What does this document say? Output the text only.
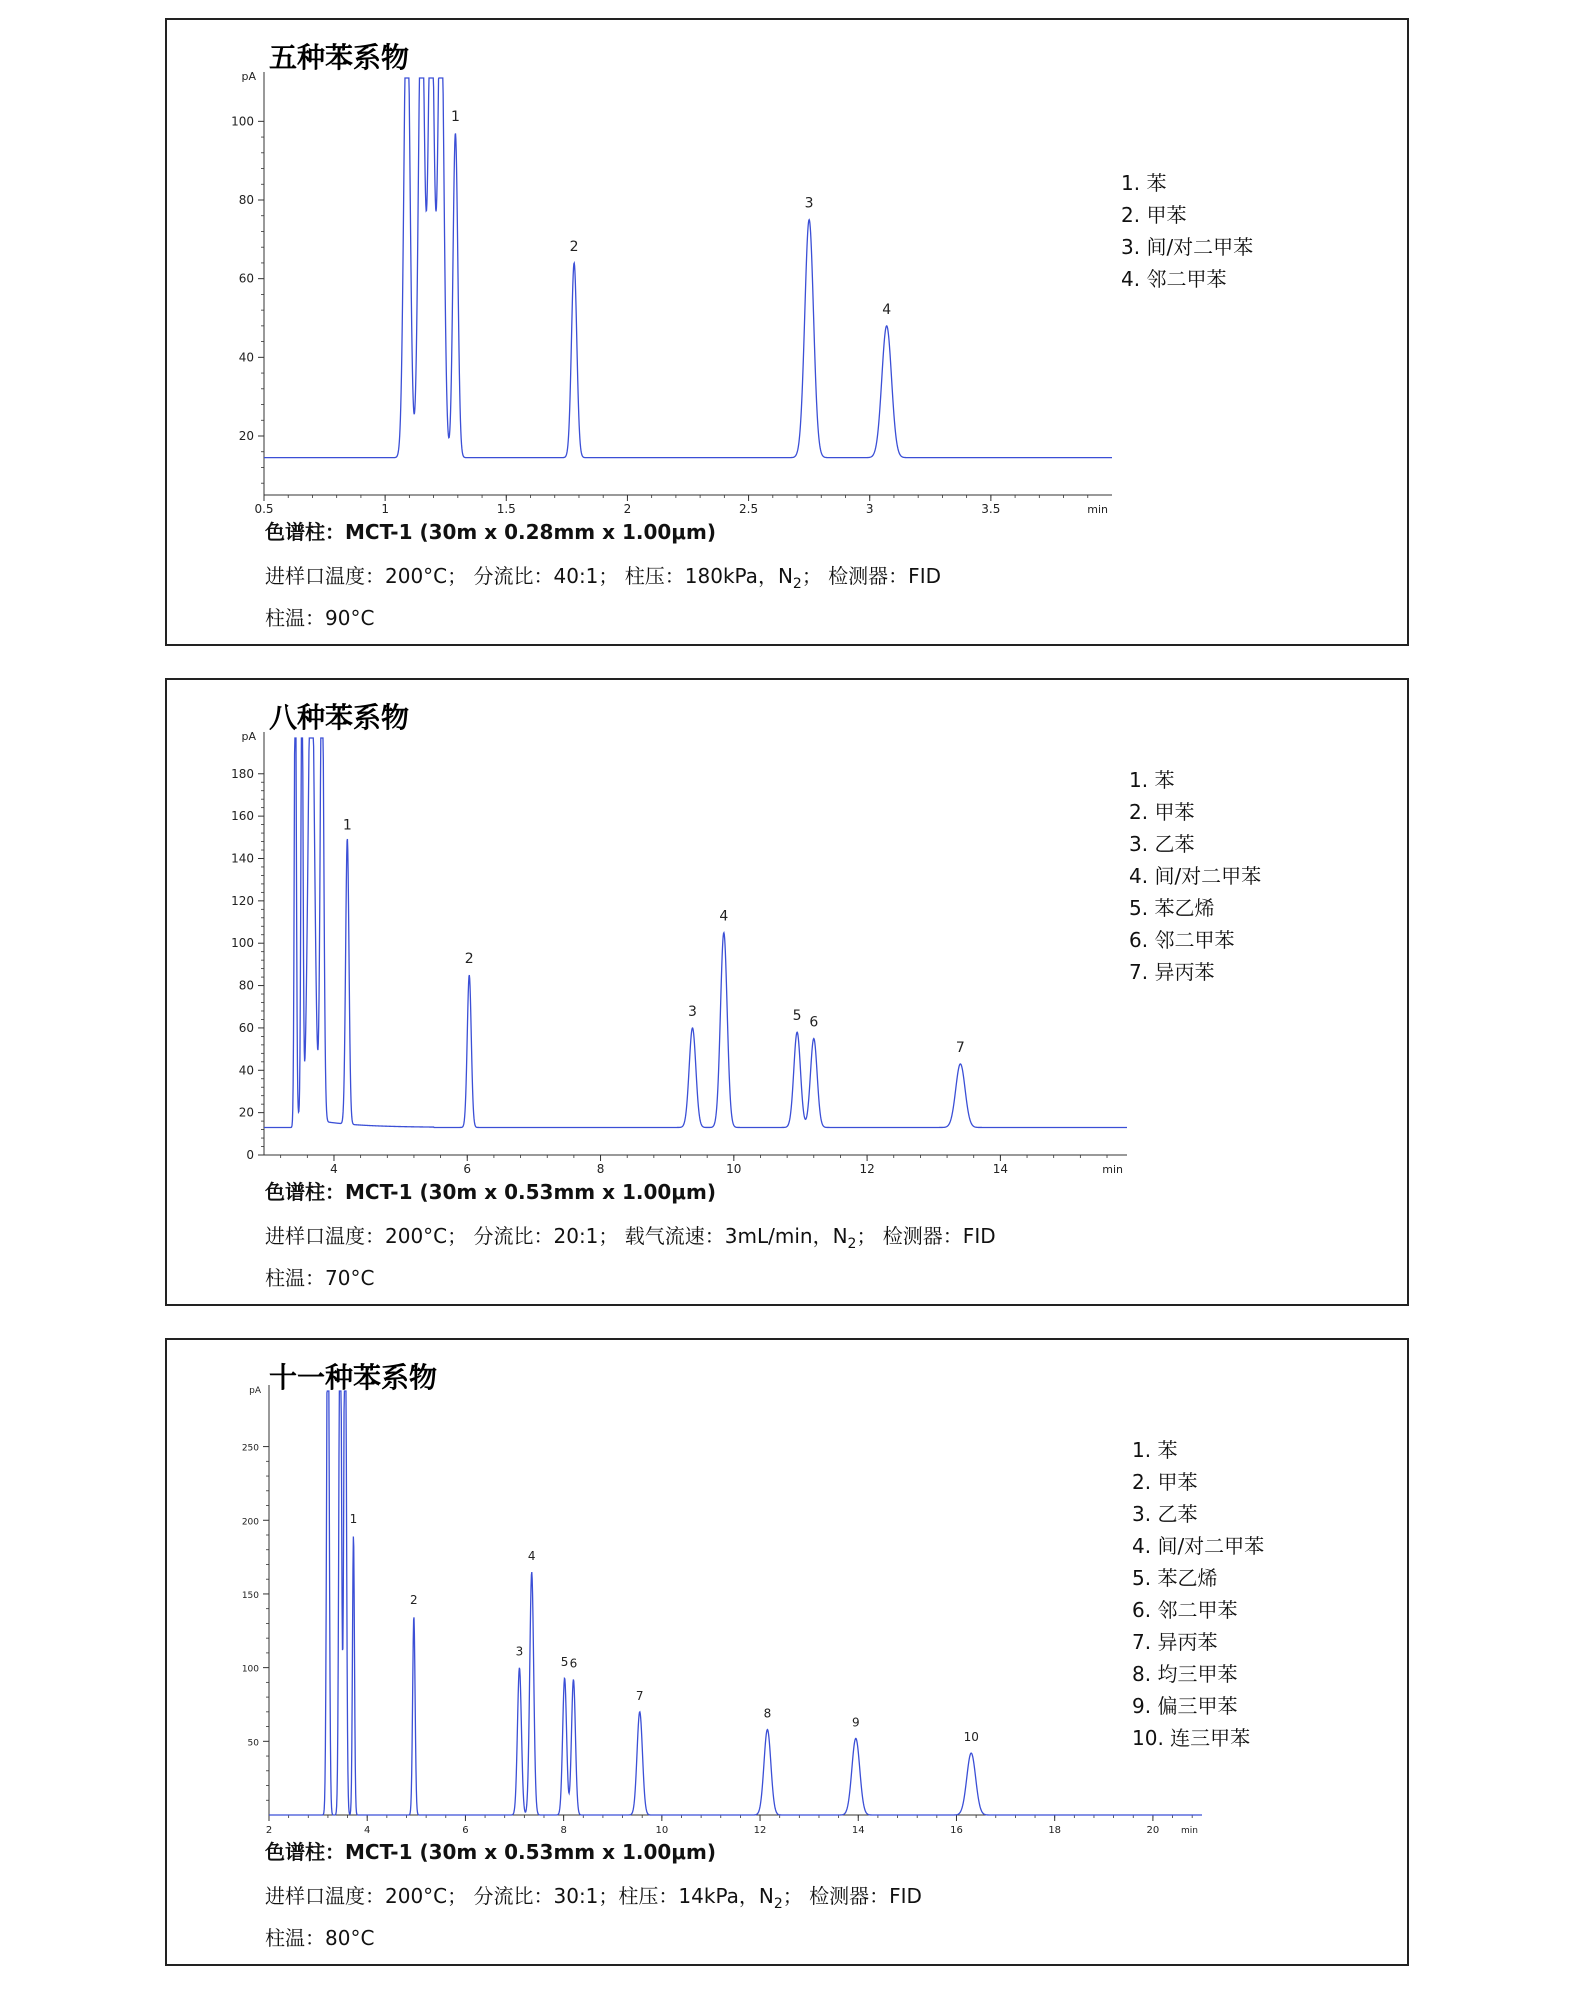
五种苯系物
pA
min
20
40
60
80
100
0.5	1	1.5	2	2.5	3	3.5
1
2
3
4
1. 苯
2. 甲苯
3. 间/对二甲苯
4. 邻二甲苯
色谱柱：MCT-1 (30m x 0.28mm x 1.00μm)
进样口温度：200°C； 分流比：40:1； 柱压：180kPa，$N_2$； 检测器：FID
柱温：90°C
八种苯系物
pA
min
0
20
40
60
80
100
120
140
160
180
4	6	8	10	12	14
1
2
3
4
5 6
7
1. 苯
2. 甲苯
3. 乙苯
4. 间/对二甲苯
5. 苯乙烯
6. 邻二甲苯
7. 异丙苯
色谱柱：MCT-1 (30m x 0.53mm x 1.00μm)
进样口温度：200°C； 分流比：20:1； 载气流速：3mL/min，$N_2$； 检测器：FID
柱温：70°C
十一种苯系物
pA
min
50
100
150
200
250
2	4	6	8	10	12	14	16	18	20
1
2
3
4
5 6
7
8
9
10
1. 苯
2. 甲苯
3. 乙苯
4. 间/对二甲苯
5. 苯乙烯
6. 邻二甲苯
7. 异丙苯
8. 均三甲苯
9. 偏三甲苯
10. 连三甲苯
色谱柱：MCT-1 (30m x 0.53mm x 1.00μm)
进样口温度：200°C； 分流比：30:1；柱压：14kPa，$N_2$； 检测器：FID
柱温：80°C
